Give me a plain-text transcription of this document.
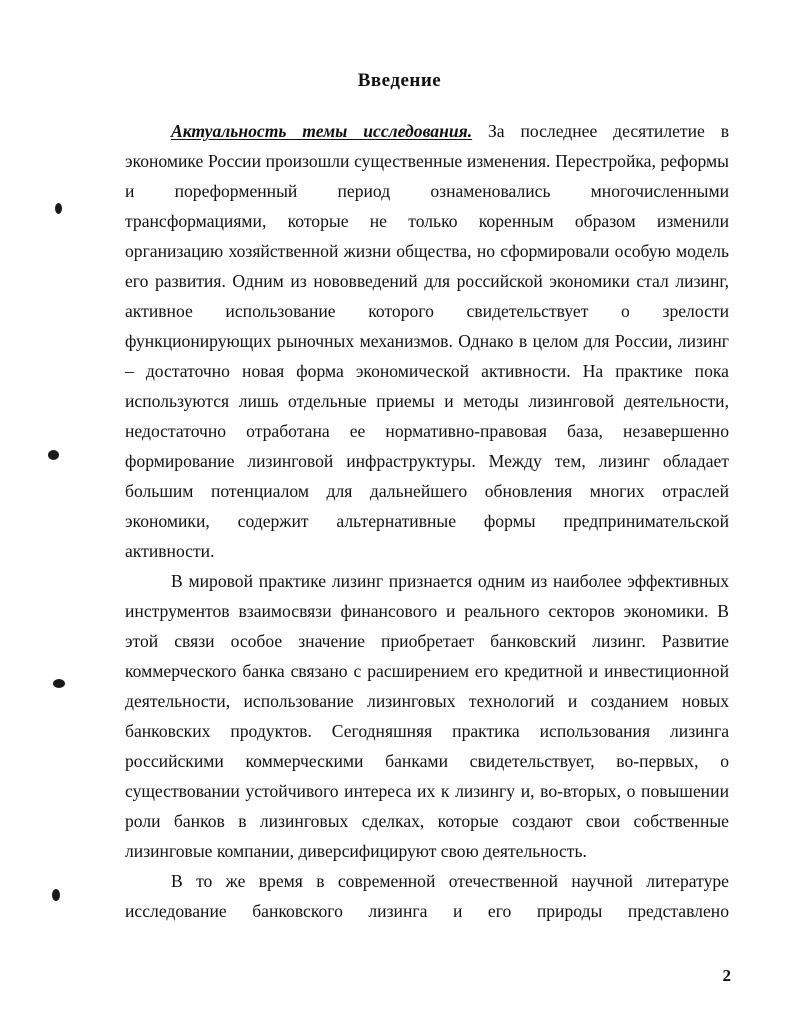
Введение

Актуальность темы исследования. За последнее десятилетие в экономике России произошли существенные изменения. Перестройка, реформы и пореформенный период ознаменовались многочисленными трансформациями, которые не только коренным образом изменили организацию хозяйственной жизни общества, но сформировали особую модель его развития. Одним из нововведений для российской экономики стал лизинг, активное использование которого свидетельствует о зрелости функционирующих рыночных механизмов. Однако в целом для России, лизинг – достаточно новая форма экономической активности. На практике пока используются лишь отдельные приемы и методы лизинговой деятельности, недостаточно отработана ее нормативно-правовая база, незавершенно формирование лизинговой инфраструктуры. Между тем, лизинг обладает большим потенциалом для дальнейшего обновления многих отраслей экономики, содержит альтернативные формы предпринимательской активности.

В мировой практике лизинг признается одним из наиболее эффективных инструментов взаимосвязи финансового и реального секторов экономики. В этой связи особое значение приобретает банковский лизинг. Развитие коммерческого банка связано с расширением его кредитной и инвестиционной деятельности, использование лизинговых технологий и созданием новых банковских продуктов. Сегодняшняя практика использования лизинга российскими коммерческими банками свидетельствует, во-первых, о существовании устойчивого интереса их к лизингу и, во-вторых, о повышении роли банков в лизинговых сделках, которые создают свои собственные лизинговые компании, диверсифицируют свою деятельность.

В то же время в современной отечественной научной литературе исследование банковского лизинга и его природы представлено

2
